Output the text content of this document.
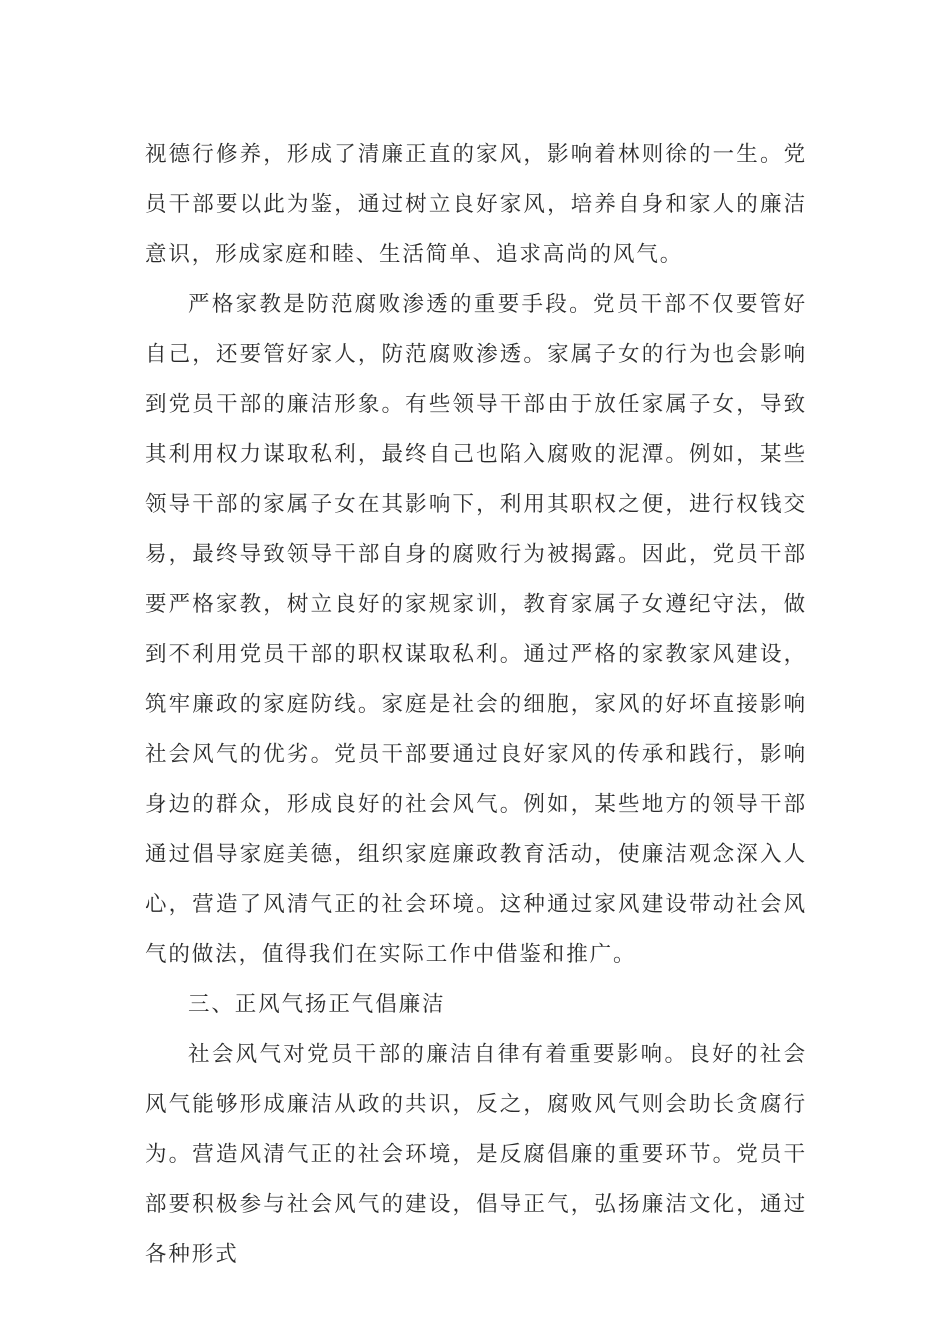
视德行修养，形成了清廉正直的家风，影响着林则徐的一生。党员干部要以此为鉴，通过树立良好家风，培养自身和家人的廉洁意识，形成家庭和睦、生活简单、追求高尚的风气。

严格家教是防范腐败渗透的重要手段。党员干部不仅要管好自己，还要管好家人，防范腐败渗透。家属子女的行为也会影响到党员干部的廉洁形象。有些领导干部由于放任家属子女，导致其利用权力谋取私利，最终自己也陷入腐败的泥潭。例如，某些领导干部的家属子女在其影响下，利用其职权之便，进行权钱交易，最终导致领导干部自身的腐败行为被揭露。因此，党员干部要严格家教，树立良好的家规家训，教育家属子女遵纪守法，做到不利用党员干部的职权谋取私利。通过严格的家教家风建设，筑牢廉政的家庭防线。家庭是社会的细胞，家风的好坏直接影响社会风气的优劣。党员干部要通过良好家风的传承和践行，影响身边的群众，形成良好的社会风气。例如，某些地方的领导干部通过倡导家庭美德，组织家庭廉政教育活动，使廉洁观念深入人心，营造了风清气正的社会环境。这种通过家风建设带动社会风气的做法，值得我们在实际工作中借鉴和推广。

三、正风气扬正气倡廉洁

社会风气对党员干部的廉洁自律有着重要影响。良好的社会风气能够形成廉洁从政的共识，反之，腐败风气则会助长贪腐行为。营造风清气正的社会环境，是反腐倡廉的重要环节。党员干部要积极参与社会风气的建设，倡导正气，弘扬廉洁文化，通过各种形式
